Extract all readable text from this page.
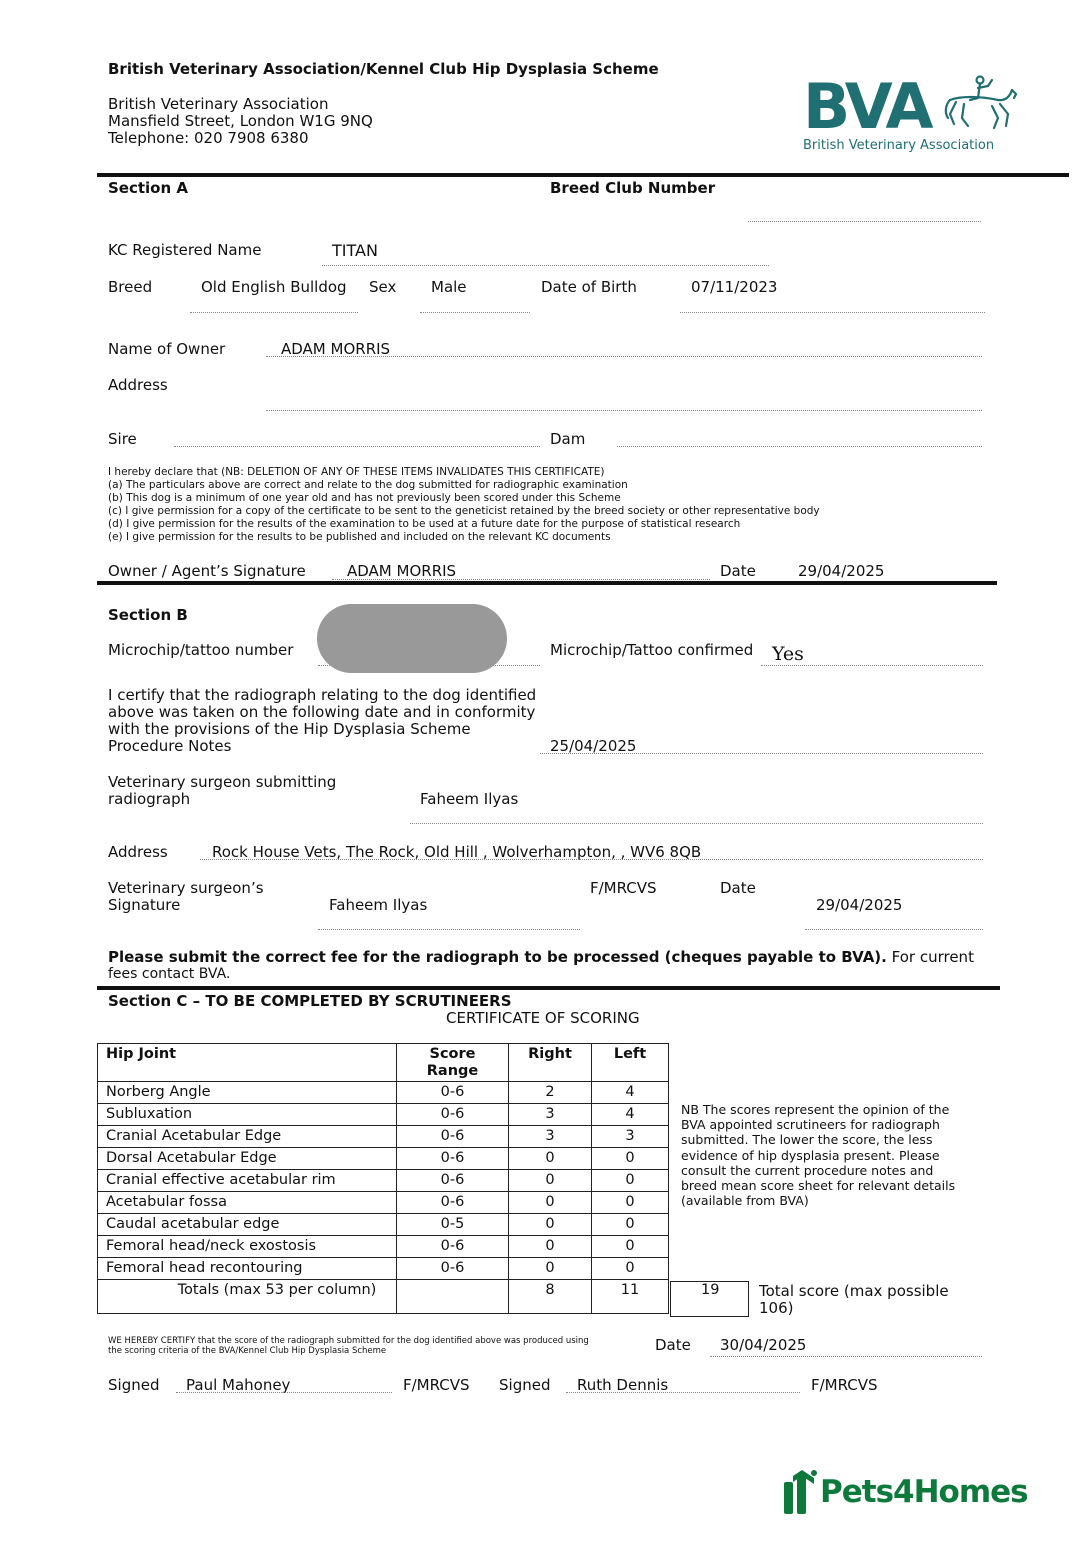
British Veterinary Association/Kennel Club Hip Dysplasia Scheme
British Veterinary Association
Mansfield Street, London W1G 9NQ
Telephone: 020 7908 6380	BVA
British Veterinary Association
Section A	Breed Club Number
KC Registered Name	TITAN
Breed	Old English Bulldog Sex Male	Date of Birth	07/11/2023
Name of Owner	ADAM MORRIS
Address
Sire	Dam
I hereby declare that (NB: DELETION OF ANY OF THESE ITEMS INVALIDATES THIS CERTIFICATE)
(a) The particulars above are correct and relate to the dog submitted for radiographic examination
(b) This dog is a minimum of one year old and has not previously been scored under this Scheme
(c) I give permission for a copy of the certificate to be sent to the geneticist retained by the breed society or other representative body
(d) I give permission for the results of the examination to be used at a future date for the purpose of statistical research
(e) I give permission for the results to be published and included on the relevant KC documents
Owner / Agent’s Signature	ADAM MORRIS	Date	29/04/2025
Section B
Microchip/tattoo number	Microchip/Tattoo confirmed Yes
I certify that the radiograph relating to the dog identified
above was taken on the following date and in conformity
with the provisions of the Hip Dysplasia Scheme
Procedure Notes	25/04/2025
Veterinary surgeon submitting
radiograph	Faheem Ilyas
Address	Rock House Vets, The Rock, Old Hill , Wolverhampton, , WV6 8QB
Veterinary surgeon’s
Signature	Faheem Ilyas
F/MRCVS	Date
29/04/2025
Please submit the correct fee for the radiograph to be processed (cheques payable to BVA). For current
fees contact BVA.
Section C – TO BE COMPLETED BY SCRUTINEERS
CERTIFICATE OF SCORING
Hip Joint	Score Range	Right	Left
Norberg Angle	0-6	2	4
Subluxation	0-6	3	4
Cranial Acetabular Edge	0-6	3	3
Dorsal Acetabular Edge	0-6	0	0
Cranial effective acetabular rim	0-6	0	0
Acetabular fossa	0-6	0	0
Caudal acetabular edge	0-5	0	0
Femoral head/neck exostosis	0-6	0	0
Femoral head recontouring	0-6	0	0
Totals (max 53 per column)		8	11	19	Total score (max possible
106)
NB The scores represent the opinion of the
BVA appointed scrutineers for radiograph
submitted. The lower the score, the less
evidence of hip dysplasia present. Please
consult the current procedure notes and
breed mean score sheet for relevant details
(available from BVA)
WE HEREBY CERTIFY that the score of the radiograph submitted for the dog identified above was produced using
the scoring criteria of the BVA/Kennel Club Hip Dysplasia Scheme	Date 30/04/2025
Signed Paul Mahoney	F/MRCVS Signed Ruth Dennis	F/MRCVS
Pets4Homes
